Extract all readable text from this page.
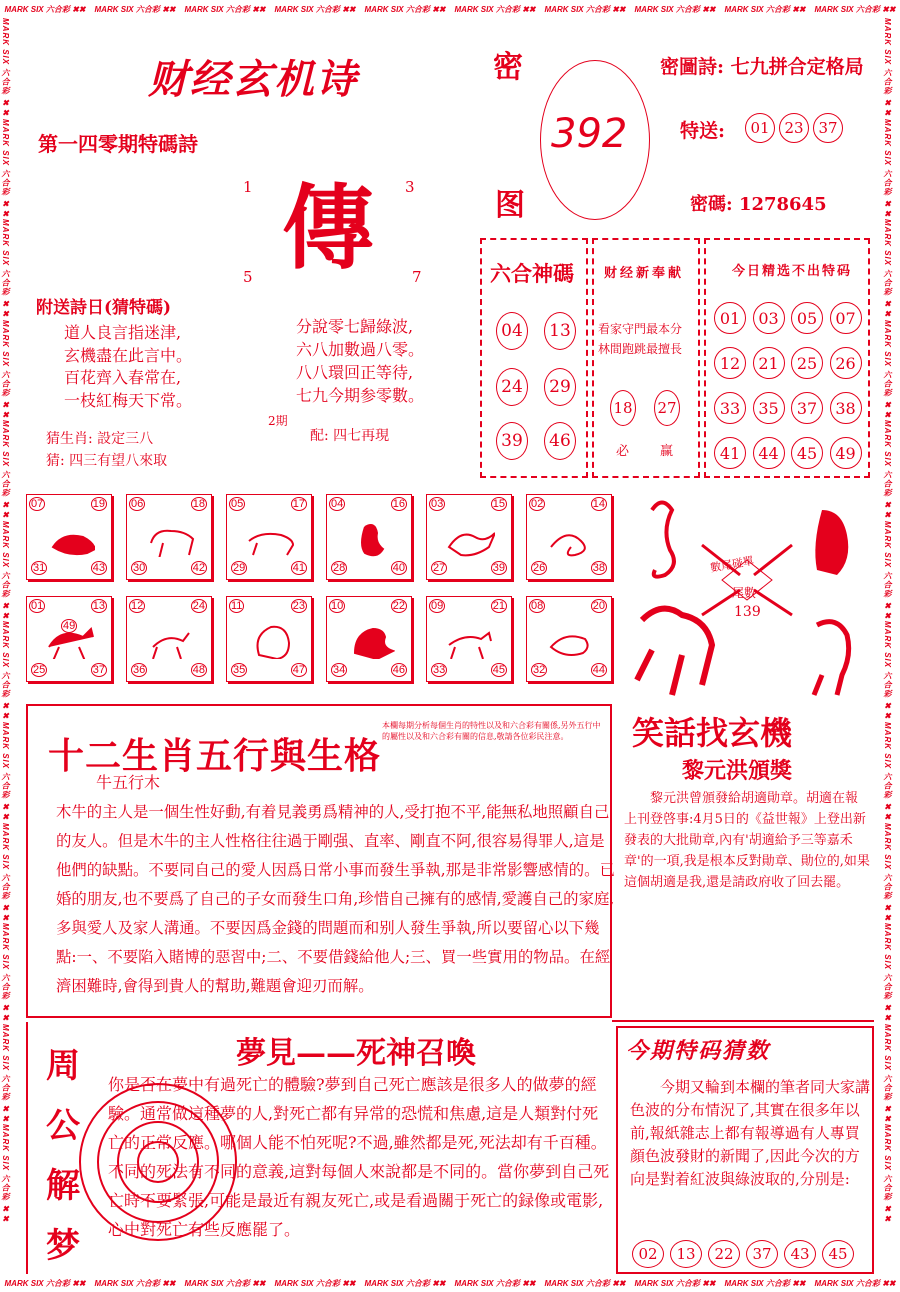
MARK SIX 六合彩 ✖✖ MARK SIX 六合彩 ✖✖ MARK SIX 六合彩 ✖✖ MARK SIX 六合彩 ✖✖ MARK SIX 六合彩 ✖✖ MARK SIX 六合彩 ✖✖ MARK SIX 六合彩 ✖✖ MARK SIX 六合彩 ✖✖ MARK SIX 六合彩 ✖✖ MARK SIX 六合彩 ✖✖
MARK SIX 六合彩 ✖✖ MARK SIX 六合彩 ✖✖ MARK SIX 六合彩 ✖✖ MARK SIX 六合彩 ✖✖ MARK SIX 六合彩 ✖✖ MARK SIX 六合彩 ✖✖ MARK SIX 六合彩 ✖✖ MARK SIX 六合彩 ✖✖ MARK SIX 六合彩 ✖✖ MARK SIX 六合彩 ✖✖
MARK SIX 六合彩 ✖✖
MARK SIX 六合彩 ✖✖
MARK SIX 六合彩 ✖✖
MARK SIX 六合彩 ✖✖
MARK SIX 六合彩 ✖✖
MARK SIX 六合彩 ✖✖
MARK SIX 六合彩 ✖✖
MARK SIX 六合彩 ✖✖
MARK SIX 六合彩 ✖✖
MARK SIX 六合彩 ✖✖
MARK SIX 六合彩 ✖✖
MARK SIX 六合彩 ✖✖
MARK SIX 六合彩 ✖✖
MARK SIX 六合彩 ✖✖
MARK SIX 六合彩 ✖✖
MARK SIX 六合彩 ✖✖
MARK SIX 六合彩 ✖✖
MARK SIX 六合彩 ✖✖
MARK SIX 六合彩 ✖✖
MARK SIX 六合彩 ✖✖
MARK SIX 六合彩 ✖✖
MARK SIX 六合彩 ✖✖
MARK SIX 六合彩 ✖✖
MARK SIX 六合彩 ✖✖
财经玄机诗
第一四零期特碼詩
1	3
5	7
傳
密
图
392
密圖詩: 七九拼合定格局
特送:	01 23 37
密碼: 1278645
附送詩日(猜特碼)
道人良言指迷津,
玄機盡在此言中。
百花齊入春常在,
一枝紅梅天下常。
猜生肖: 設定三八
猜: 四三有望八來取
分說零七歸綠波,
六八加數過八零。
八八環回正等待,
七九今期参零數。
2期
配: 四七再現
六合神碼
04	13
24	29
39	46
财经新奉献
看家守門最本分
林間跑跳最擅長
18 27
必 赢
今日精选不出特码
01	03	05	07
12	21	25	26
33	35	37	38
41	44	45	49
07	19
31	43
06	18
30	42
05	17
29	41
04	16
28	40
03	15
27	39
02	14
26	38
01	13
25	37
49
12	24
36	48
11	23
35	47
10	22
34	46
09	21
33	45
08	20
32	44
數尾碰單
尾數
139
十二生肖五行與生格
本欄每期分析每個生肖的特性以及和六合彩有關係,另外五行中的屬性以及和六合彩有關的信息,敬請各位彩民注意。
牛五行木
木牛的主人是一個生性好動,有着見義勇爲精神的人,受打抱不平,能無私地照顧自己的友人。但是木牛的主人性格往往過于剛强、直率、剛直不阿,很容易得罪人,這是他們的缺點。不要同自己的愛人因爲日常小事而發生爭執,那是非常影響感情的。已婚的朋友,也不要爲了自己的子女而發生口角,珍惜自己擁有的感情,愛護自己的家庭,多與愛人及家人溝通。不要因爲金錢的問題而和别人發生爭執,所以要留心以下幾點:一、不要陷入賭博的惡習中;二、不要借錢給他人;三、買一些實用的物品。在經濟困難時,會得到貴人的幫助,難題會迎刃而解。
笑話找玄機
黎元洪頒獎
黎元洪曾頒發給胡適勛章。胡適在報上刊登啓事:4月5日的《益世報》上登出新發表的大批勛章,內有'胡適給予三等嘉禾章'的一項,我是根本反對勛章、勛位的,如果這個胡適是我,還是請政府收了回去罷。
周
公
解
梦
夢見——死神召喚
你是否在夢中有過死亡的體驗?夢到自己死亡應該是很多人的做夢的經驗。通常做這種夢的人,對死亡都有异常的恐慌和焦慮,這是人類對付死亡的正常反應。哪個人能不怕死呢?不過,雖然都是死,死法却有千百種。不同的死法有不同的意義,這對每個人來說都是不同的。當你夢到自己死亡時不要緊張,可能是最近有親友死亡,或是看過關于死亡的録像或電影,心中對死亡有些反應罷了。
今期特码猜数
今期又輪到本欄的筆者同大家講色波的分布情況了,其實在很多年以前,報紙雜志上都有報導過有人專買顔色波發財的新聞了,因此今次的方向是對着紅波與綠波取的,分別是:
02	13	22	37	43	45
